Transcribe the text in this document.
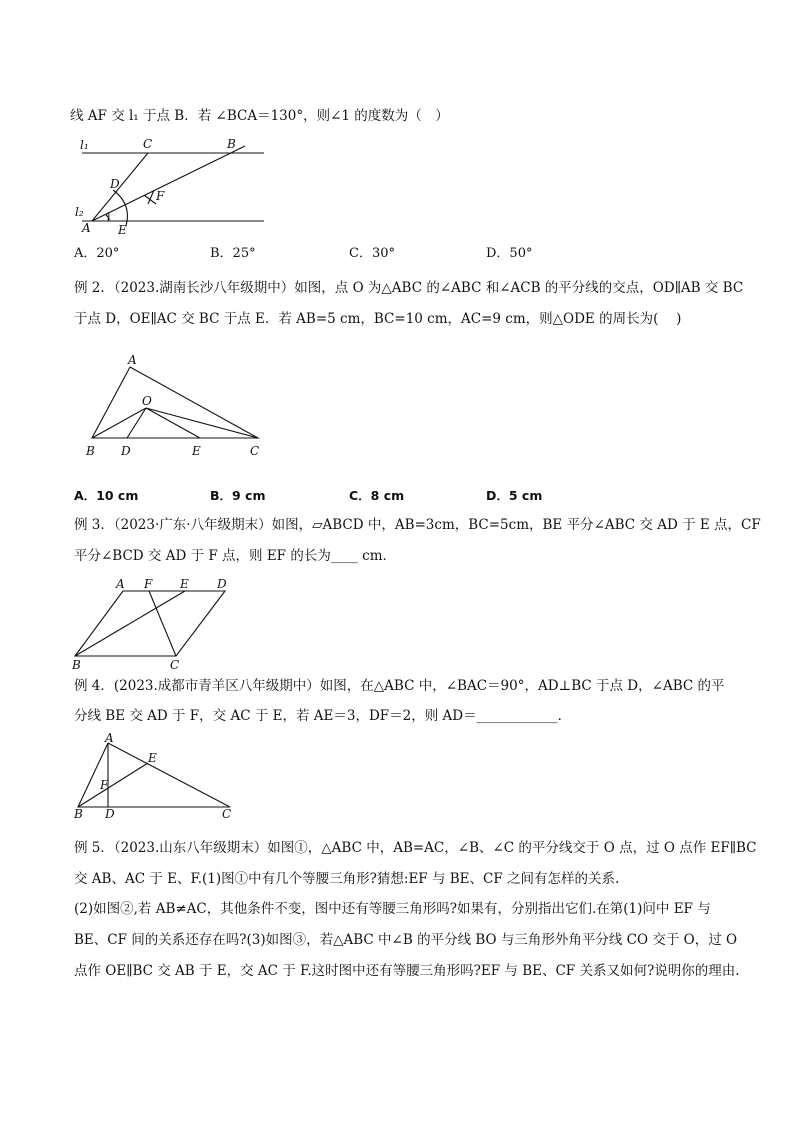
线 AF 交 l₁ 于点 B．若 ∠BCA＝130°，则∠1 的度数为（　）
l₁	C	B
D
F
l₂ 1
A E
A．20°	B．25°	C．30°	D．50°
例 2．（2023.湖南长沙八年级期中）如图，点 O 为△ABC 的∠ABC 和∠ACB 的平分线的交点，OD∥AB 交 BC
于点 D，OE∥AC 交 BC 于点 E．若 AB=5 cm，BC=10 cm，AC=9 cm，则△ODE 的周长为(　 )
A
O
B D	E	C
A．10 cm	B．9 cm	C．8 cm	D．5 cm
例 3．（2023·广东·八年级期末）如图，▱ABCD 中，AB=3cm，BC=5cm，BE 平分∠ABC 交 AD 于 E 点，CF
平分∠BCD 交 AD 于 F 点，则 EF 的长为____ cm．
A F E D
B	C
例 4．(2023.成都市青羊区八年级期中）如图，在△ABC 中，∠BAC＝90°，AD⊥BC 于点 D，∠ABC 的平
分线 BE 交 AD 于 F，交 AC 于 E，若 AE＝3，DF＝2，则 AD＝____________．
A
E
F
B D	C
例 5．（2023.山东八年级期末）如图①，△ABC 中，AB=AC，∠B、∠C 的平分线交于 O 点，过 O 点作 EF∥BC
交 AB、AC 于 E、F.(1)图①中有几个等腰三角形?猜想:EF 与 BE、CF 之间有怎样的关系.
(2)如图②,若 AB≠AC，其他条件不变，图中还有等腰三角形吗?如果有，分别指出它们.在第(1)问中 EF 与
BE、CF 间的关系还存在吗?(3)如图③，若△ABC 中∠B 的平分线 BO 与三角形外角平分线 CO 交于 O，过 O
点作 OE∥BC 交 AB 于 E，交 AC 于 F.这时图中还有等腰三角形吗?EF 与 BE、CF 关系又如何?说明你的理由.
